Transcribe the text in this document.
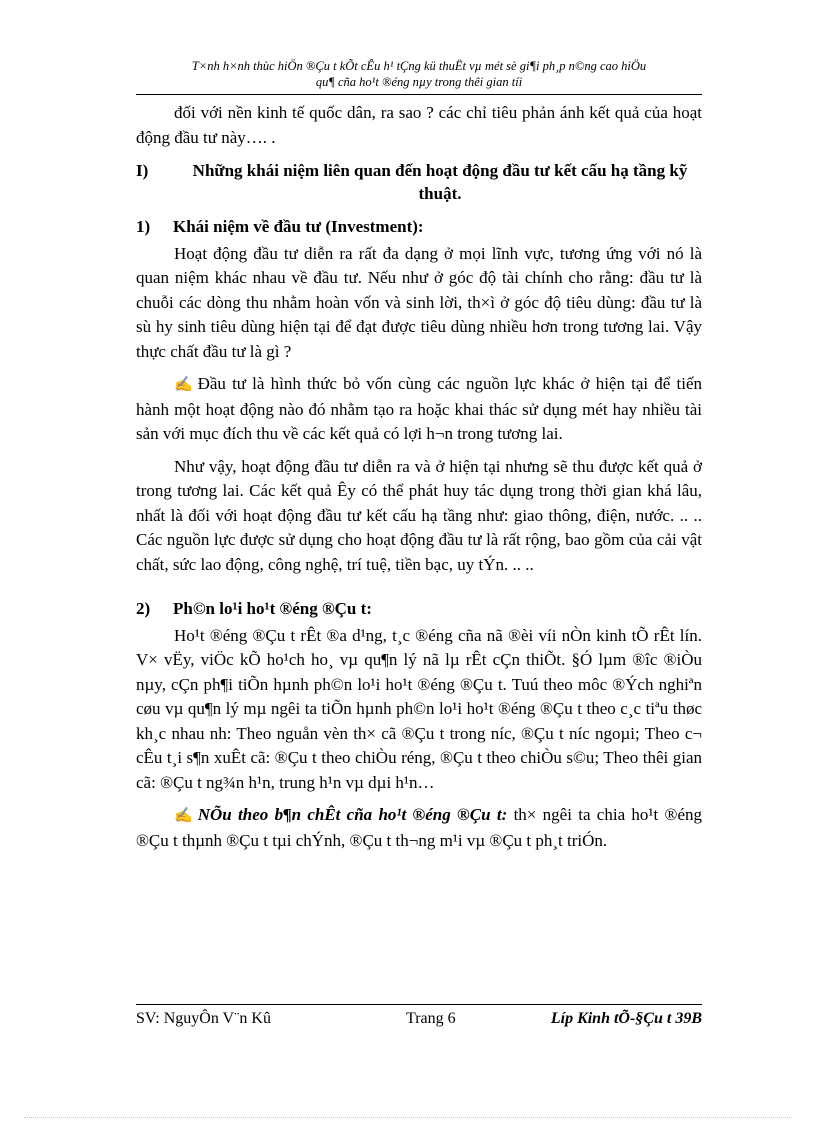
T×nh h×nh thùc hiÖn ®Çu t kÕt cÊu h¹ tÇng kü thuËt vµ mét sè gi¶i ph¸p n©ng cao hiÖu
qu¶ cña ho¹t ®éng nµy trong thêi gian tíi

đối với nền kinh tế quốc dân, ra sao ? các chỉ tiêu phản ánh kết quả của hoạt động đầu tư này…. .

I)	Những khái niệm liên quan đến hoạt động đầu tư kết cấu hạ tầng kỹ thuật.
1)	Khái niệm về đầu tư (Investment):

Hoạt động đầu tư diễn ra rất đa dạng ở mọi lĩnh vực, tương ứng với nó là quan niệm khác nhau về đầu tư. Nếu như ở góc độ tài chính cho rằng: đầu tư là chuỗi các dòng thu nhằm hoàn vốn và sinh lời, th×ì ở góc độ tiêu dùng: đầu tư là sù hy sinh tiêu dùng hiện tại để đạt được tiêu dùng nhiều hơn trong tương lai. Vậy thực chất đầu tư là gì ?

✍ Đầu tư là hình thức bỏ vốn cùng các nguồn lực khác ở hiện tại để tiến hành một hoạt động nào đó nhằm tạo ra hoặc khai thác sử dụng mét hay nhiều tài sản với mục đích thu về các kết quả có lợi h¬n trong tương lai.

Như vậy, hoạt động đầu tư diễn ra và ở hiện tại nhưng sẽ thu được kết quả ở trong tương lai. Các kết quả Êy có thể phát huy tác dụng trong thời gian khá lâu, nhất là đối với hoạt động đầu tư kết cấu hạ tầng như: giao thông, điện, nước. .. .. Các nguồn lực được sử dụng cho hoạt động đầu tư là rất rộng, bao gồm của cải vật chất, sức lao động, công nghệ, trí tuệ, tiền bạc, uy tÝn. .. ..

2)	Ph©n lo¹i ho¹t ®éng ®Çu t:

Ho¹t ®éng ®Çu t rÊt ®a d¹ng, t¸c ®éng cña nã ®èi víi nÒn kinh tÕ rÊt lín. V× vËy, viÖc kÕ ho¹ch ho¸ vµ qu¶n lý nã lµ rÊt cÇn thiÕt. §Ó lµm ®îc ®iÒu nµy, cÇn ph¶i tiÕn hµnh ph©n lo¹i ho¹t ®éng ®Çu t. Tuú theo môc ®Ých nghiªn cøu vµ qu¶n lý mµ ngêi ta tiÕn hµnh ph©n lo¹i ho¹t ®éng ®Çu t theo c¸c tiªu thøc kh¸c nhau nh: Theo nguån vèn th× cã ®Çu t trong níc, ®Çu t níc ngoµi; Theo c¬ cÊu t¸i s¶n xuÊt cã: ®Çu t theo chiÒu réng, ®Çu t theo chiÒu s©u; Theo thêi gian cã: ®Çu t ng¾n h¹n, trung h¹n vµ dµi h¹n…

✍ NÕu theo b¶n chÊt cña ho¹t ®éng ®Çu t: th× ngêi ta chia ho¹t ®éng ®Çu t thµnh ®Çu t tµi chÝnh, ®Çu t th¬ng m¹i vµ ®Çu t ph¸t triÓn.

SV: NguyÔn V¨n Kû	Trang 6	Líp Kinh tÕ-§Çu t 39B
